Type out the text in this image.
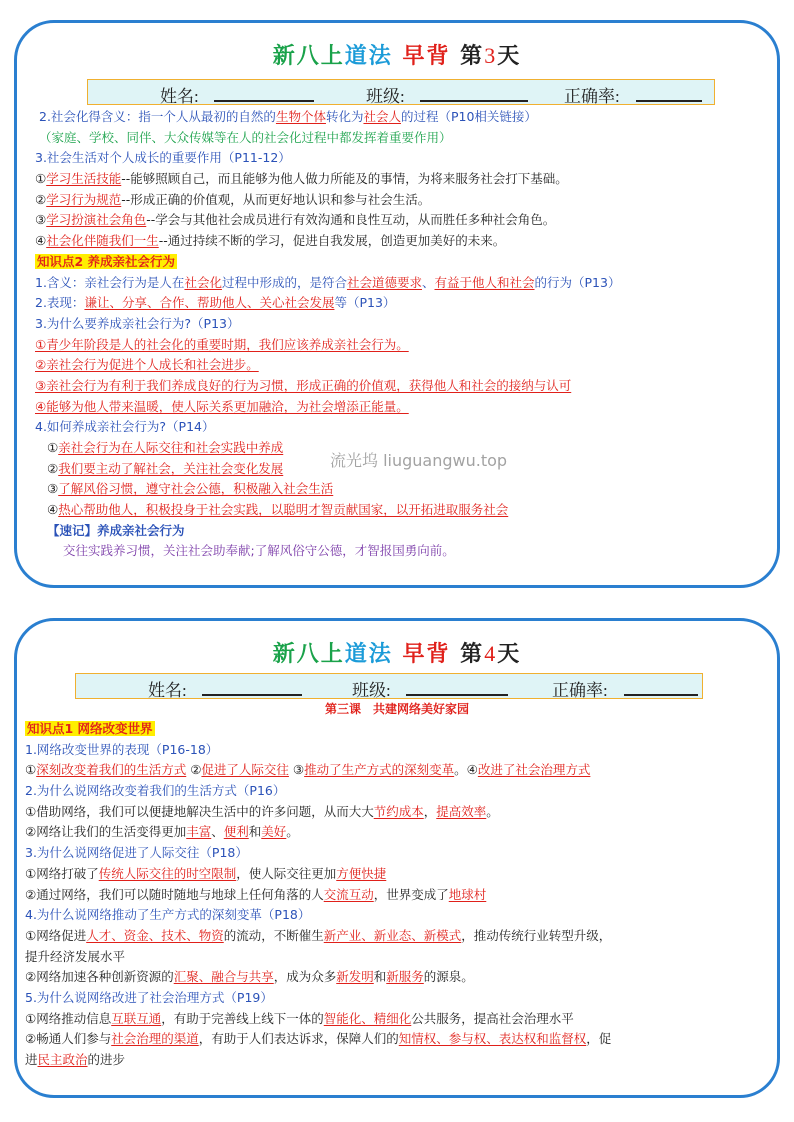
新八上道法 早背 第3天
姓名:	班级:	正确率:
2.社会化得含义：指一个人从最初的自然的生物个体转化为社会人的过程（P10相关链接）
（家庭、学校、同伴、大众传媒等在人的社会化过程中都发挥着重要作用）
3.社会生活对个人成长的重要作用（P11-12）
①学习生活技能--能够照顾自己，而且能够为他人做力所能及的事情，为将来服务社会打下基础。
②学习行为规范--形成正确的价值观，从而更好地认识和参与社会生活。
③学习扮演社会角色--学会与其他社会成员进行有效沟通和良性互动，从而胜任多种社会角色。
④社会化伴随我们一生--通过持续不断的学习，促进自我发展，创造更加美好的未来。
知识点2 养成亲社会行为
1.含义：亲社会行为是人在社会化过程中形成的，是符合社会道德要求、有益于他人和社会的行为（P13）
2.表现：谦让、分享、合作、帮助他人、关心社会发展等（P13）
3.为什么要养成亲社会行为?（P13）
①青少年阶段是人的社会化的重要时期，我们应该养成亲社会行为。
②亲社会行为促进个人成长和社会进步。
③亲社会行为有利于我们养成良好的行为习惯，形成正确的价值观，获得他人和社会的接纳与认可
④能够为他人带来温暖，使人际关系更加融洽，为社会增添正能量。
4.如何养成亲社会行为?（P14）
①亲社会行为在人际交往和社会实践中养成
②我们要主动了解社会，关注社会变化发展
③了解风俗习惯，遵守社会公德，积极融入社会生活
④热心帮助他人，积极投身于社会实践，以聪明才智贡献国家，以开拓进取服务社会
【速记】养成亲社会行为
交往实践养习惯，关注社会助奉献;了解风俗守公德，才智报国勇向前。
流光坞 liuguangwu.top
新八上道法 早背 第4天
姓名:	班级:	正确率:
第三课　共建网络美好家园
知识点1 网络改变世界
1.网络改变世界的表现（P16-18）
①深刻改变着我们的生活方式 ②促进了人际交往 ③推动了生产方式的深刻变革。④改进了社会治理方式
2.为什么说网络改变着我们的生活方式（P16）
①借助网络，我们可以便捷地解决生活中的许多问题，从而大大节约成本，提高效率。
②网络让我们的生活变得更加丰富、便利和美好。
3.为什么说网络促进了人际交往（P18）
①网络打破了传统人际交往的时空限制，使人际交往更加方便快捷
②通过网络，我们可以随时随地与地球上任何角落的人交流互动，世界变成了地球村
4.为什么说网络推动了生产方式的深刻变革（P18）
①网络促进人才、资金、技术、物资的流动，不断催生新产业、新业态、新模式，推动传统行业转型升级，
提升经济发展水平
②网络加速各种创新资源的汇聚、融合与共享，成为众多新发明和新服务的源泉。
5.为什么说网络改进了社会治理方式（P19）
①网络推动信息互联互通，有助于完善线上线下一体的智能化、精细化公共服务，提高社会治理水平
②畅通人们参与社会治理的渠道，有助于人们表达诉求，保障人们的知情权、参与权、表达权和监督权，促
进民主政治的进步
